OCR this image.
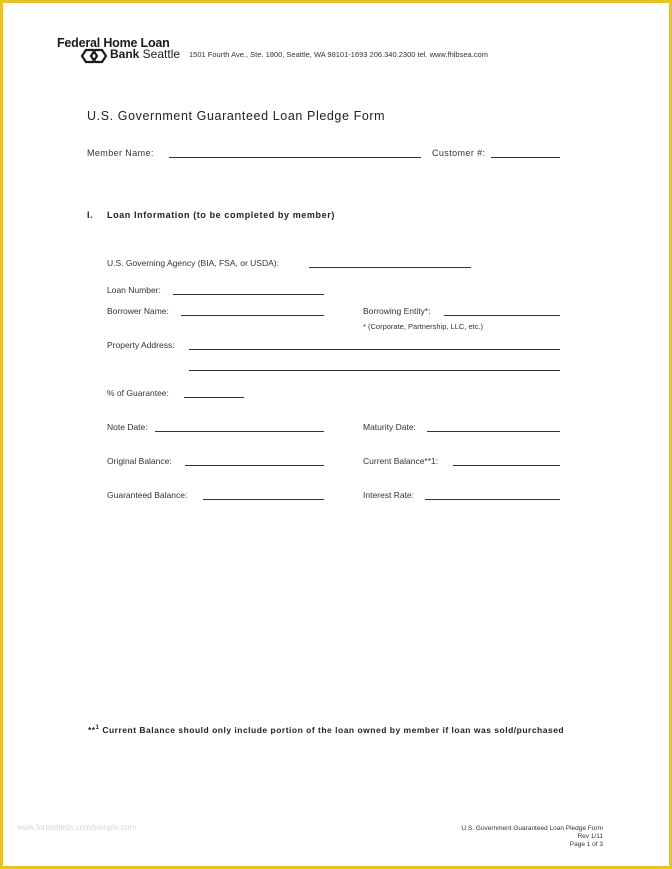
Federal Home Loan
Bank Seattle 1501 Fourth Ave., Ste. 1800, Seattle, WA 98101-1693 206.340.2300 tel. www.fhlbsea.com
U.S. Government Guaranteed Loan Pledge Form
Member Name:	Customer #:
I. Loan Information (to be completed by member)
U.S. Governing Agency (BIA, FSA, or USDA):
Loan Number:
Borrower Name:	Borrowing Entity*:
* (Corporate, Partnership, LLC, etc.)
Property Address:
% of Guarantee:
Note Date:	Maturity Date:
Original Balance:	Current Balance**1:
Guaranteed Balance:	Interest Rate:
**$^1$ Current Balance should only include portion of the loan owned by member if loan was sold/purchased
www.formsbirds.com/sample.com	U.S. Government Guaranteed Loan Pledge Form
Rev 1/11
Page 1 of 3
